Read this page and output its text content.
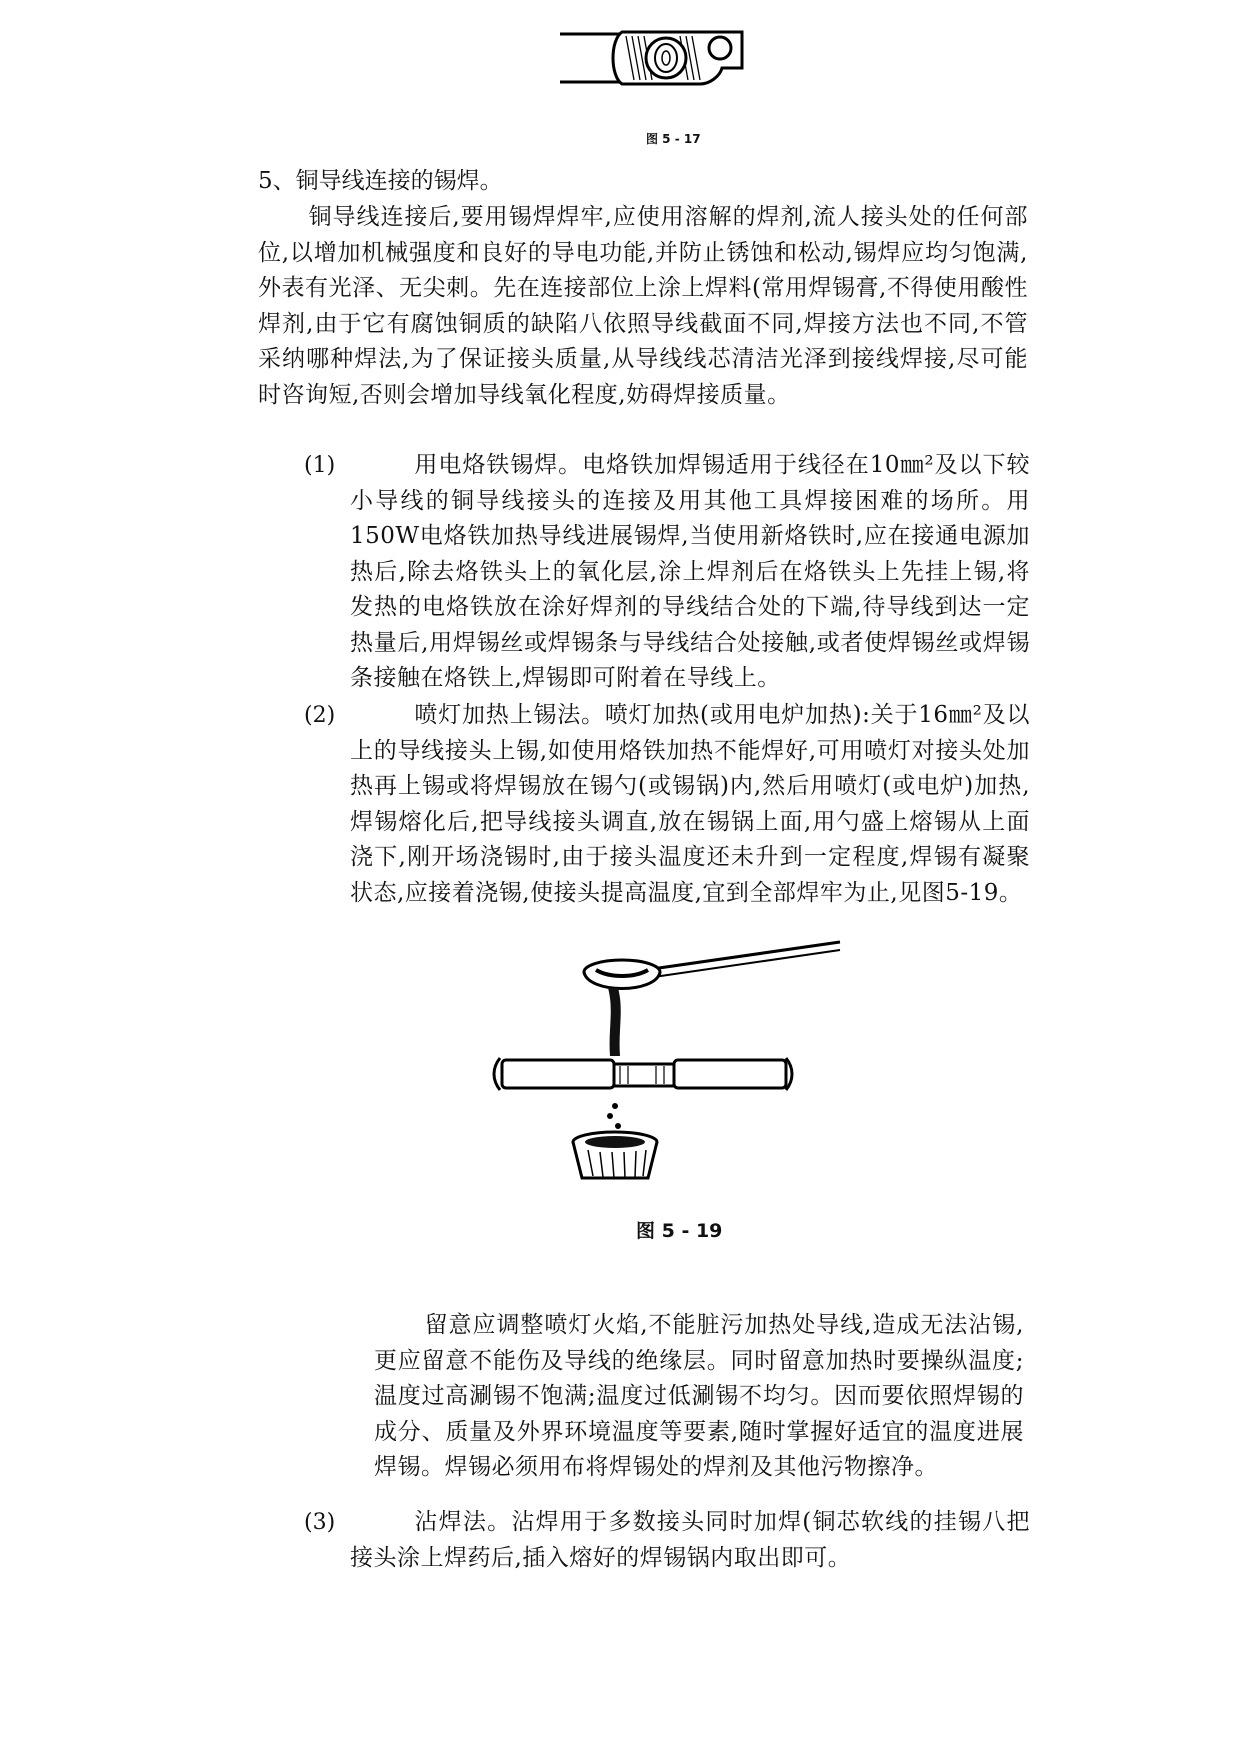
图 5 - 17

5、铜导线连接的锡焊。

铜导线连接后,要用锡焊焊牢,应使用溶解的焊剂,流人接头处的任何部位,以增加机械强度和良好的导电功能,并防止锈蚀和松动,锡焊应均匀饱满,外表有光泽、无尖刺。先在连接部位上涂上焊料(常用焊锡膏,不得使用酸性焊剂,由于它有腐蚀铜质的缺陷八依照导线截面不同,焊接方法也不同,不管采纳哪种焊法,为了保证接头质量,从导线线芯清洁光泽到接线焊接,尽可能时咨询短,否则会增加导线氧化程度,妨碍焊接质量。

(1)	用电烙铁锡焊。电烙铁加焊锡适用于线径在10㎜²及以下较小导线的铜导线接头的连接及用其他工具焊接困难的场所。用150W电烙铁加热导线进展锡焊,当使用新烙铁时,应在接通电源加热后,除去烙铁头上的氧化层,涂上焊剂后在烙铁头上先挂上锡,将发热的电烙铁放在涂好焊剂的导线结合处的下端,待导线到达一定热量后,用焊锡丝或焊锡条与导线结合处接触,或者使焊锡丝或焊锡条接触在烙铁上,焊锡即可附着在导线上。

(2)	喷灯加热上锡法。喷灯加热(或用电炉加热):关于16㎜²及以上的导线接头上锡,如使用烙铁加热不能焊好,可用喷灯对接头处加热再上锡或将焊锡放在锡勺(或锡锅)内,然后用喷灯(或电炉)加热,焊锡熔化后,把导线接头调直,放在锡锅上面,用勺盛上熔锡从上面浇下,刚开场浇锡时,由于接头温度还未升到一定程度,焊锡有凝聚状态,应接着浇锡,使接头提高温度,宜到全部焊牢为止,见图5-19。

图 5 - 19

留意应调整喷灯火焰,不能脏污加热处导线,造成无法沾锡,更应留意不能伤及导线的绝缘层。同时留意加热时要操纵温度;温度过高涮锡不饱满;温度过低涮锡不均匀。因而要依照焊锡的成分、质量及外界环境温度等要素,随时掌握好适宜的温度进展焊锡。焊锡必须用布将焊锡处的焊剂及其他污物擦净。

(3)	沾焊法。沾焊用于多数接头同时加焊(铜芯软线的挂锡八把接头涂上焊药后,插入熔好的焊锡锅内取出即可。
